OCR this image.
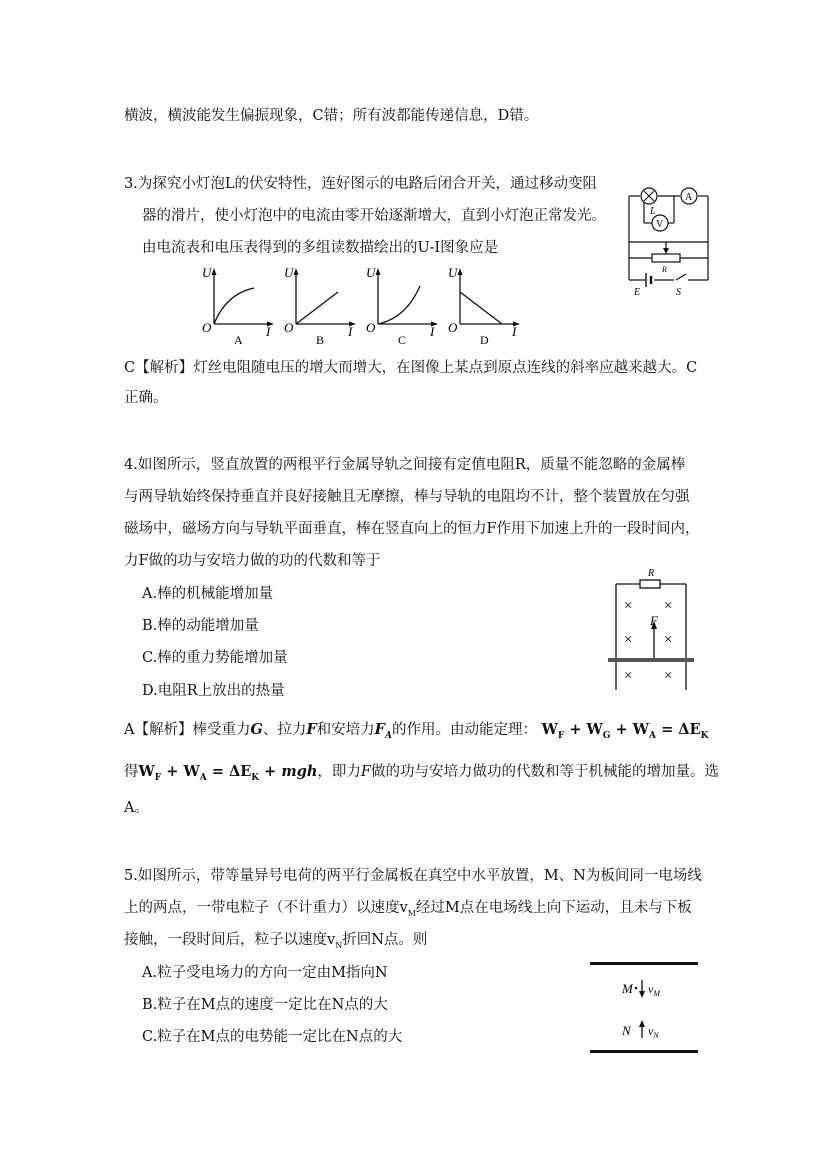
横波，横波能发生偏振现象，C错；所有波都能传递信息，D错。
3.为探究小灯泡L的伏安特性，连好图示的电路后闭合开关，通过移动变阻
器的滑片，使小灯泡中的电流由零开始逐渐增大，直到小灯泡正常发光。
由电流表和电压表得到的多组读数描绘出的U-I图象应是
U
I
O
A
U
I
O
B
U
I
O
C
U
I
O
D
A
V
L
R
E	S
C【解析】灯丝电阻随电压的增大而增大，在图像上某点到原点连线的斜率应越来越大。C
正确。
4.如图所示，竖直放置的两根平行金属导轨之间接有定值电阻R，质量不能忽略的金属棒
与两导轨始终保持垂直并良好接触且无摩擦，棒与导轨的电阻均不计，整个装置放在匀强
磁场中，磁场方向与导轨平面垂直，棒在竖直向上的恒力F作用下加速上升的一段时间内，
力F做的功与安培力做的功的代数和等于
A.棒的机械能增加量
B.棒的动能增加量
C.棒的重力势能增加量
D.电阻R上放出的热量
R
F
× ×
× ×
× ×
A【解析】棒受重力G、拉力F和安培力$F_A$的作用。由动能定理： $W_F + W_G + W_A = \Delta E_K$
得$W_F + W_A = \Delta E_K$ + mgh，即力F做的功与安培力做功的代数和等于机械能的增加量。选
A。
5.如图所示，带等量异号电荷的两平行金属板在真空中水平放置，M、N为板间同一电场线
上的两点，一带电粒子（不计重力）以速度$v_M$经过M点在电场线上向下运动，且未与下板
接触，一段时间后，粒子以速度$v_N$折回N点。则
A.粒子受电场力的方向一定由M指向N
B.粒子在M点的速度一定比在N点的大
C.粒子在M点的电势能一定比在N点的大
M $v_M$
N $v_N$
